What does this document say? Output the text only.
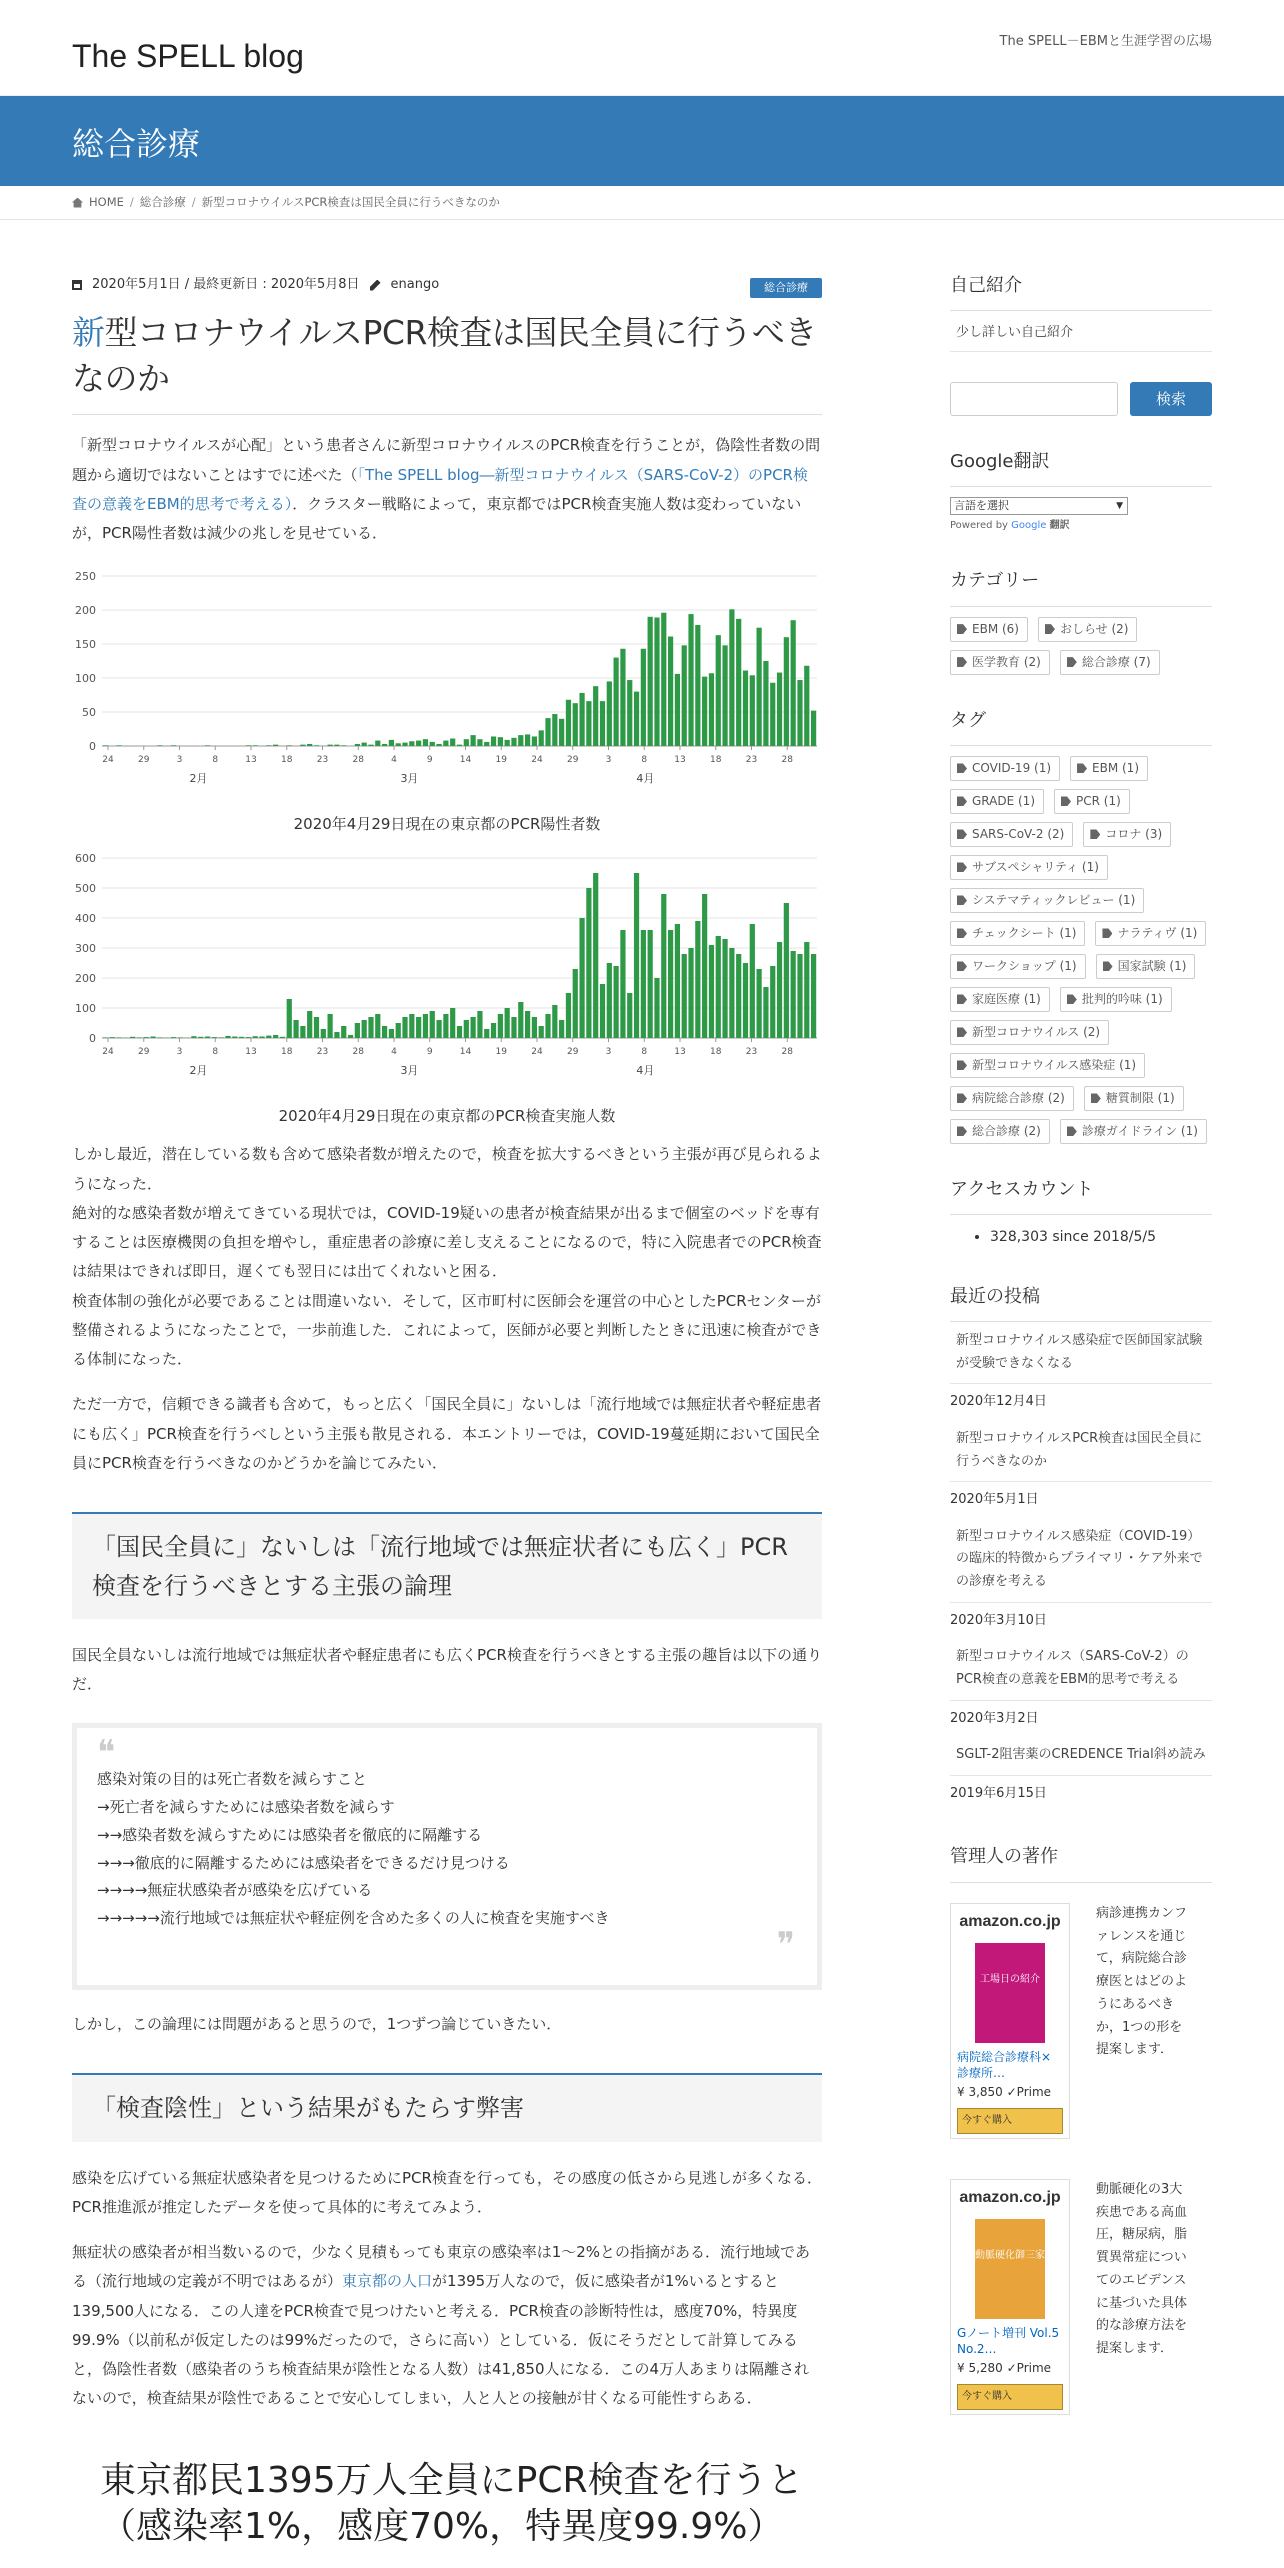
The SPELL blog	The SPELL－EBMと生涯学習の広場
総合診療
HOME / 総合診療 / 新型コロナウイルスPCR検査は国民全員に行うべきなのか
2020年5月1日 / 最終更新日 : 2020年5月8日 enango	総合診療
新型コロナウイルスPCR検査は国民全員に行うべきなのか

「新型コロナウイルスが心配」という患者さんに新型コロナウイルスのPCR検査を行うことが，偽陰性者数の問題から適切ではないことはすでに述べた（「The SPELL blog―新型コロナウイルス（SARS-CoV-2）のPCR検査の意義をEBM的思考で考える）．クラスター戦略によって，東京都ではPCR検査実施人数は変わっていないが，PCR陽性者数は減少の兆しを見せている．

0
50
100
150
200
250
24	29	3	8	13	18	23	28	4	9	14	19	24	29	3	8	13	18	23	28
2月	3月	4月
2020年4月29日現在の東京都のPCR陽性者数
0
100
200
300
400
500
600
24	29	3	8	13	18	23	28	4	9	14	19	24	29	3	8	13	18	23	28
2月	3月	4月
2020年4月29日現在の東京都のPCR検査実施人数

しかし最近，潜在している数も含めて感染者数が増えたので，検査を拡大するべきという主張が再び見られるようになった．
絶対的な感染者数が増えてきている現状では，COVID-19疑いの患者が検査結果が出るまで個室のベッドを専有することは医療機関の負担を増やし，重症患者の診療に差し支えることになるので，特に入院患者でのPCR検査は結果はできれば即日，遅くても翌日には出てくれないと困る．
検査体制の強化が必要であることは間違いない．そして，区市町村に医師会を運営の中心としたPCRセンターが整備されるようになったことで，一歩前進した．これによって，医師が必要と判断したときに迅速に検査ができる体制になった．

ただ一方で，信頼できる識者も含めて，もっと広く「国民全員に」ないしは「流行地域では無症状者や軽症患者にも広く」PCR検査を行うべしという主張も散見される．本エントリーでは，COVID-19蔓延期において国民全員にPCR検査を行うべきなのかどうかを論じてみたい．

「国民全員に」ないしは「流行地域では無症状者にも広く」PCR検査を行うべきとする主張の論理

国民全員ないしは流行地域では無症状者や軽症患者にも広くPCR検査を行うべきとする主張の趣旨は以下の通りだ．

❝
感染対策の目的は死亡者数を減らすこと
→死亡者を減らすためには感染者数を減らす
→→感染者数を減らすためには感染者を徹底的に隔離する
→→→徹底的に隔離するためには感染者をできるだけ見つける
→→→→無症状感染者が感染を広げている
→→→→→流行地域では無症状や軽症例を含めた多くの人に検査を実施すべき
❞

しかし，この論理には問題があると思うので，1つずつ論じていきたい．

「検査陰性」という結果がもたらす弊害

感染を広げている無症状感染者を見つけるためにPCR検査を行っても，その感度の低さから見逃しが多くなる．PCR推進派が推定したデータを使って具体的に考えてみよう．

無症状の感染者が相当数いるので，少なく見積もっても東京の感染率は1～2%との指摘がある．流行地域である（流行地域の定義が不明ではあるが）東京都の人口が1395万人なので，仮に感染者が1%いるとすると139,500人になる．この人達をPCR検査で見つけたいと考える．PCR検査の診断特性は，感度70%，特異度99.9%（以前私が仮定したのは99%だったので，さらに高い）としている．仮にそうだとして計算してみると，偽陰性者数（感染者のうち検査結果が陰性となる人数）は41,850人になる．この4万人あまりは隔離されないので，検査結果が陰性であることで安心してしまい，人と人との接触が甘くなる可能性すらある．

東京都民1395万人全員にPCR検査を行うと（感染率1%，感度70%，特異度99.9%）
自己紹介
少し詳しい自己紹介
検索
Google翻訳
言語を選択	▼
Powered by Google 翻訳
カテゴリー
EBM (6)	おしらせ (2)
医学教育 (2)	総合診療 (7)
タグ
COVID-19 (1)	EBM (1)
GRADE (1)	PCR (1)
SARS-CoV-2 (2)	コロナ (3)
サブスペシャリティ (1)
システマティックレビュー (1)
チェックシート (1)	ナラティヴ (1)
ワークショップ (1)	国家試験 (1)
家庭医療 (1)	批判的吟味 (1)
新型コロナウイルス (2)
新型コロナウイルス感染症 (1)
病院総合診療 (2)	糖質制限 (1)
総合診療 (2)	診療ガイドライン (1)
アクセスカウント
• 328,303 since 2018/5/5
最近の投稿
新型コロナウイルス感染症で医師国家試験が受験できなくなる
2020年12月4日
新型コロナウイルスPCR検査は国民全員に行うべきなのか
2020年5月1日
新型コロナウイルス感染症（COVID-19）の臨床的特徴からプライマリ・ケア外来での診療を考える
2020年3月10日
新型コロナウイルス（SARS-CoV-2）のPCR検査の意義をEBM的思考で考える
2020年3月2日
SGLT-2阻害薬のCREDENCE Trial斜め読み
2019年6月15日
管理人の著作
amazon.co.jp
工場日の紹介
病院総合診療科×診療所…
¥ 3,850 ✓Prime
今すぐ購入
病診連携カンファレンスを通じて，病院総合診療医とはどのようにあるべきか，1つの形を提案します．
amazon.co.jp
動脈硬化御三家
Gノート増刊 Vol.5 No.2…
¥ 5,280 ✓Prime
今すぐ購入
動脈硬化の3大疾患である高血圧，糖尿病，脂質異常症についてのエビデンスに基づいた具体的な診療方法を提案します．
